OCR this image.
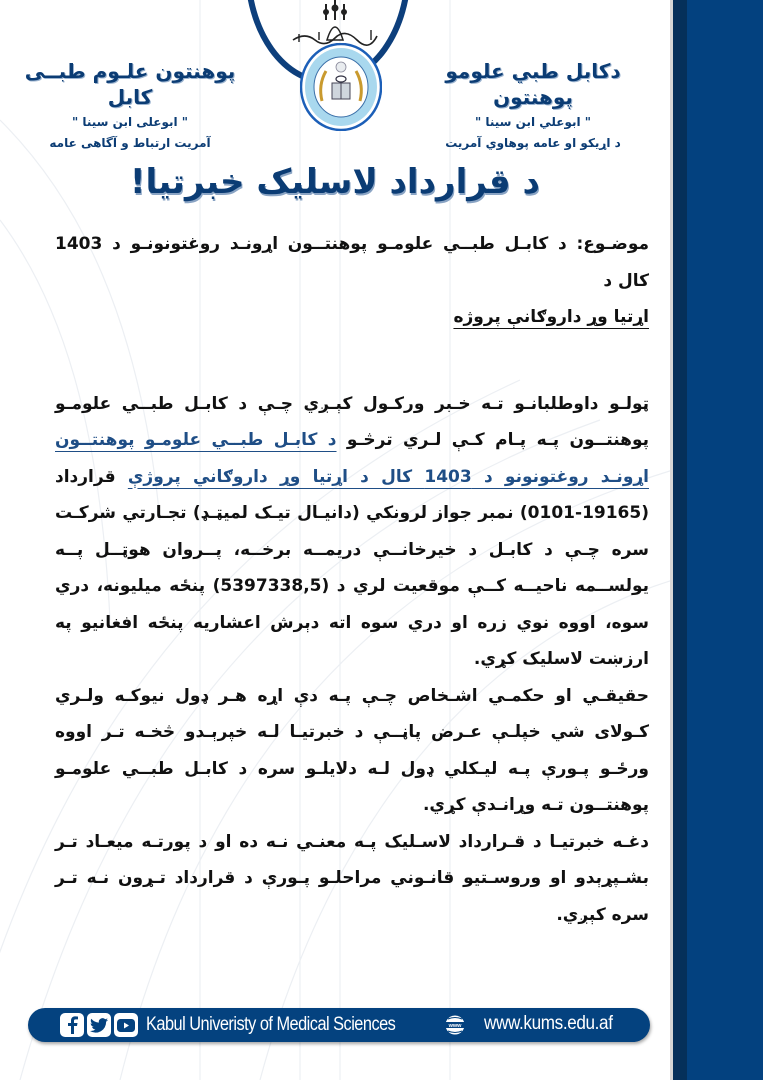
دکابل طبي علومو پوهنتون
" ابوعلي ابن سينا "
د اړیکو او عامه پوهاوي آمریت
پوهنتون علـوم طبــی کابل
" ابوعلی ابن سینا "
آمریت ارتباط و آگاهی عامه
د قرارداد لاسلیک خبرتیا!

موضـوع: د کابـل طبــي علومـو پوهنتــون اړونـد روغتونونـو د 1403 کال د
اړتیا وړ داروګانې پروژه

ټولـو داوطلبانـو تـه خـبر ورکـول کېـږي چـې د کابـل طبــي علومـو پوهنتــون پـه پـام کـې لـري ترڅـو د کابـل طبــي علومـو پوهنتــون اړونـد روغتونونو د 1403 کال د اړتیا وړ داروګاني پروژې قرارداد (19165-0101) نمبر جواز لرونکي (دانیـال تیـک لمیټـډ) تجـارتي شرکـت سره چـې د کابـل د خیرخانــې دریمــه برخــه، پــروان هوټــل پــه یولســمه ناحیــه کــې موقعیت لري د (5397338,5) پنځه میلیونه، دري سوه، اووه نوي زره او دري سوه اته دېرش اعشاریه پنځه افغانیو په ارزښت لاسلیک کړي.

حقیقـي او حکمـي اشـخاص چـې پـه دې اړه هـر ډول نیوکـه ولـري کـولای شي خپلـې عـرض پاڼــې د خبرتیـا لـه خپرېـدو څخـه تـر اووه ورځـو پـورې پـه لیـکلي ډول لـه دلایلـو سره د کابـل طبــي علومـو پوهنتــون تـه وړانـدې کړي.

دغـه خبرتیـا د قـرارداد لاسـلیک پـه معنـي نـه ده او د پورتـه میعـاد تـر بشـپړېدو او وروسـتیو قانـوني مراحلـو پـورې د قرارداد تـړون نـه تـر سره کېږي.

Kabul Univeristy of Medical Sciences	www www.kums.edu.af
